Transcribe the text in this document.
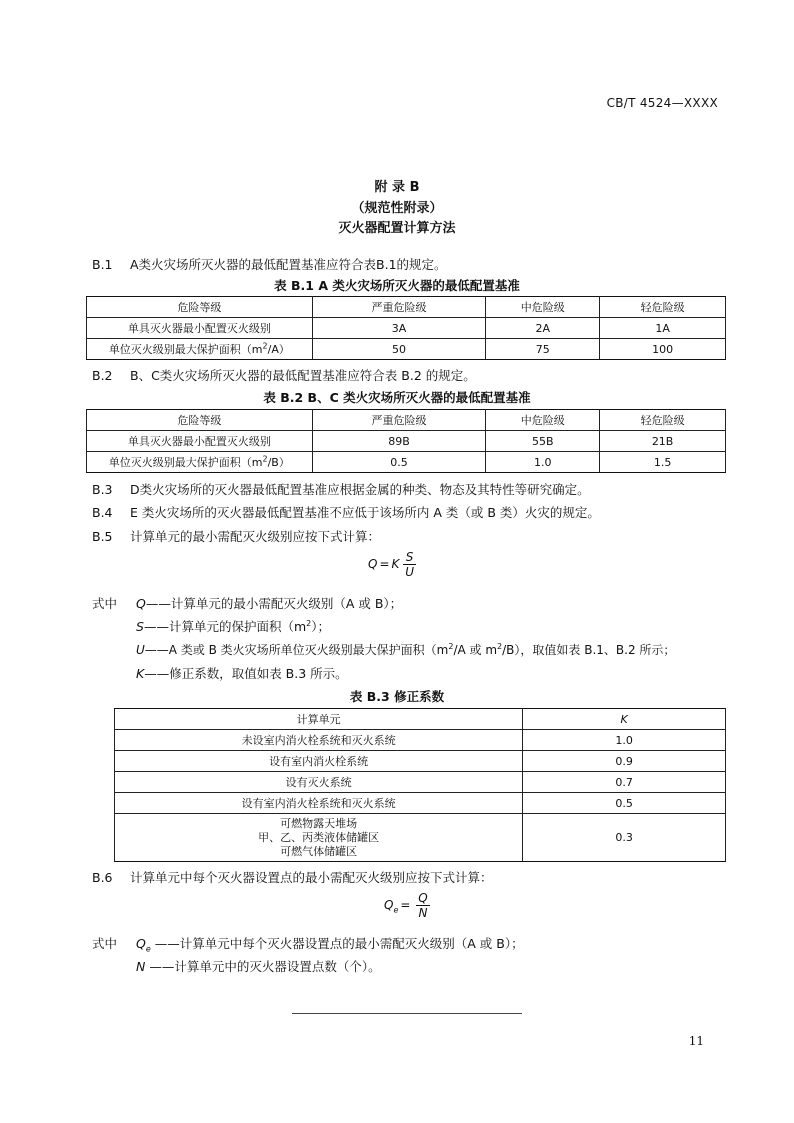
CB/T 4524—XXXX
附 录 B
（规范性附录）
灭火器配置计算方法
B.1 A类火灾场所灭火器的最低配置基准应符合表B.1的规定。
表 B.1 A 类火灾场所灭火器的最低配置基准
危险等级	严重危险级	中危险级	轻危险级
单具灭火器最小配置灭火级别	3A	2A	1A
单位灭火级别最大保护面积$(m^2/A)$	50	75	100
B.2 B、C类火灾场所灭火器的最低配置基准应符合表 B.2 的规定。
表 B.2 B、C 类火灾场所灭火器的最低配置基准
危险等级	严重危险级	中危险级	轻危险级
单具灭火器最小配置灭火级别	89B	55B	21B
单位灭火级别最大保护面积$(m^2/B)$	0.5	1.0	1.5
B.3 D类火灾场所的灭火器最低配置基准应根据金属的种类、物态及其特性等研究确定。
B.4 E 类火灾场所的灭火器最低配置基准不应低于该场所内 A 类（或 B 类）火灾的规定。
B.5 计算单元的最小需配灭火级别应按下式计算：
Q = K $\frac{S}{U}$
式中 Q——计算单元的最小需配灭火级别（A 或 B）；
S——计算单元的保护面积$(m^2)$；
U——A 类或 B 类火灾场所单位灭火级别最大保护面积（$m^2/A$ 或 $m^2/B$），取值如表 B.1、B.2 所示；
K——修正系数，取值如表 B.3 所示。
表 B.3 修正系数
计算单元	K
未设室内消火栓系统和灭火系统	1.0
设有室内消火栓系统	0.9
设有灭火系统	0.7
设有室内消火栓系统和灭火系统	0.5

可燃物露天堆场
甲、乙、丙类液体储罐区
可燃气体储罐区	0.3
B.6 计算单元中每个灭火器设置点的最小需配灭火级别应按下式计算：
$Q_e = \frac{Q}{N}$
式中 $Q_e$ ——计算单元中每个灭火器设置点的最小需配灭火级别（A 或 B）；
N ——计算单元中的灭火器设置点数（个）。
11
